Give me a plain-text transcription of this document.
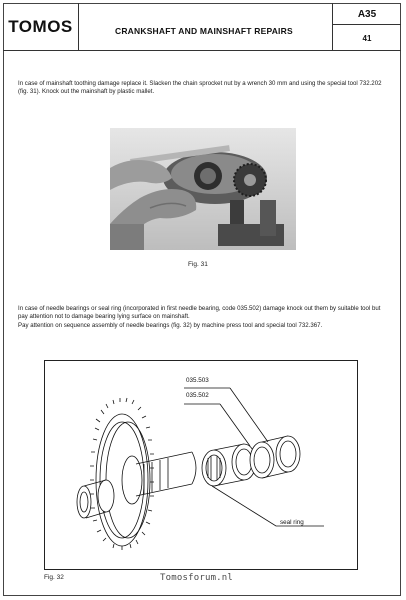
TOMOS	CRANKSHAFT AND MAINSHAFT REPAIRS
A35
41
In case of mainshaft toothing damage replace it. Slacken the chain sprocket nut by a wrench 30 mm and using the special tool 732.202 (fig. 31). Knock out the mainshaft by plastic mallet.
Fig. 31
In case of needle bearings or seal ring (incorporated in first needle bearing, code 035.502) damage knock out them by suitable tool but pay attention not to damage bearing lying surface on mainshaft.
Pay attention on sequence assembly of needle bearings (fig. 32) by machine press tool and special tool 732.367.
035.503
035.502
seal ring
Fig. 32	Tomosforum.nl
